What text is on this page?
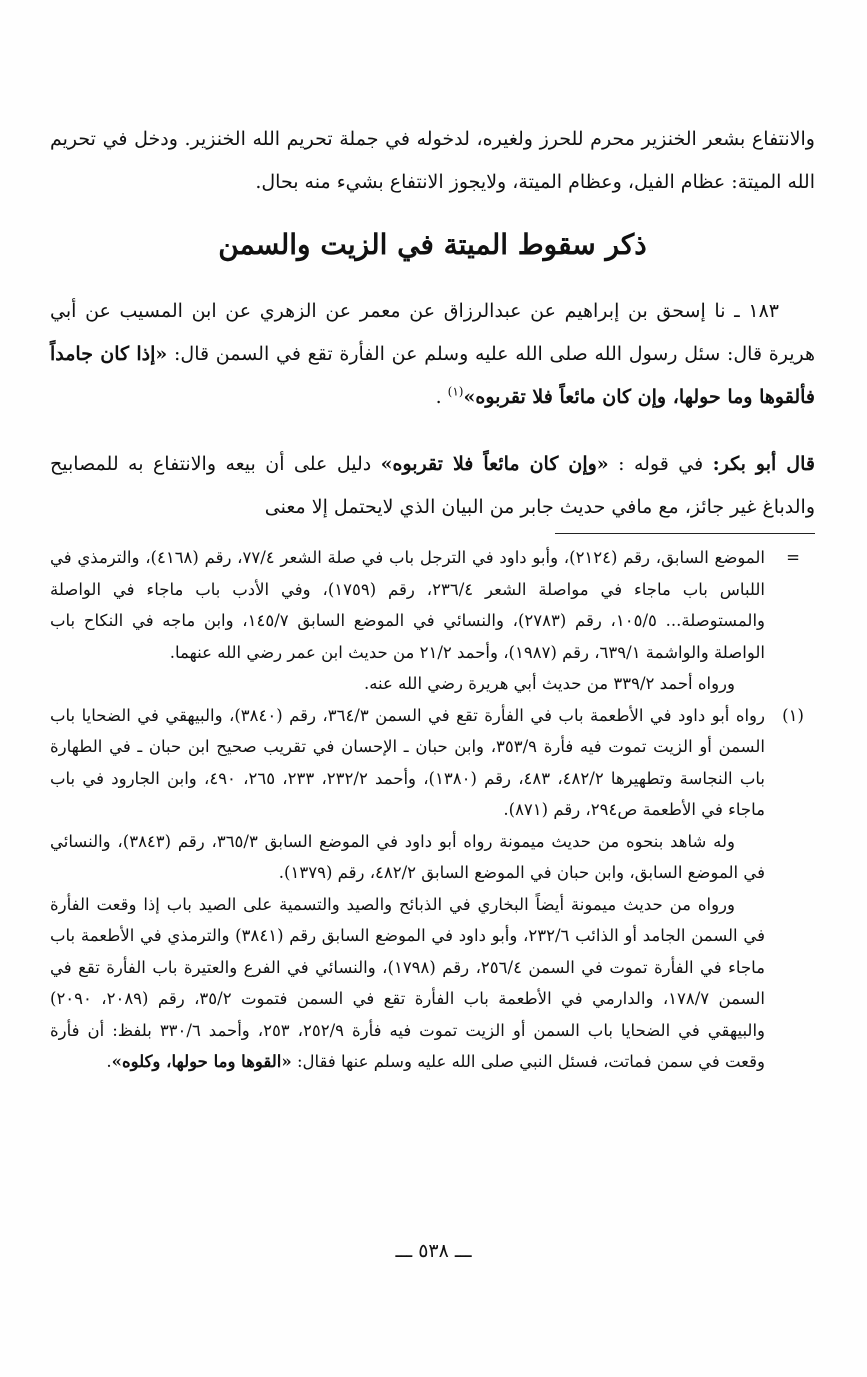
والانتفاع بشعر الخنزير محرم للحرز ولغيره، لدخوله في جملة تحريم الله الخنزير. ودخل في تحريم الله الميتة: عظام الفيل، وعظام الميتة، ولايجوز الانتفاع بشيء منه بحال.

ذكر سقوط الميتة في الزيت والسمن

١٨٣ ـ نا إسحق بن إبراهيم عن عبدالرزاق عن معمر عن الزهري عن ابن المسيب عن أبي هريرة قال: سئل رسول الله صلى الله عليه وسلم عن الفأرة تقع في السمن قال: «إذا كان جامداً فألقوها وما حولها، وإن كان مائعاً فلا تقربوه»$^{(١)}$ .

قال أبو بكر: في قوله : «وإن كان مائعاً فلا تقربوه» دليل على أن بيعه والانتفاع به للمصابيح والدباغ غير جائز، مع مافي حديث جابر من البيان الذي لايحتمل إلا معنى

=

الموضع السابق، رقم (٢١٢٤)، وأبو داود في الترجل باب في صلة الشعر ٧٧/٤، رقم (٤١٦٨)، والترمذي في اللباس باب ماجاء في مواصلة الشعر ٢٣٦/٤، رقم (١٧٥٩)، وفي الأدب باب ماجاء في الواصلة والمستوصلة... ١٠٥/٥، رقم (٢٧٨٣)، والنسائي في الموضع السابق ١٤٥/٧، وابن ماجه في النكاح باب الواصلة والواشمة ٦٣٩/١، رقم (١٩٨٧)، وأحمد ٢١/٢ من حديث ابن عمر رضي الله عنهما.

ورواه أحمد ٣٣٩/٢ من حديث أبي هريرة رضي الله عنه.

(١)

رواه أبو داود في الأطعمة باب في الفأرة تقع في السمن ٣٦٤/٣، رقم (٣٨٤٠)، والبيهقي في الضحايا باب السمن أو الزيت تموت فيه فأرة ٣٥٣/٩، وابن حبان ـ الإحسان في تقريب صحيح ابن حبان ـ في الطهارة باب النجاسة وتطهيرها ٤٨٢/٢، ٤٨٣، رقم (١٣٨٠)، وأحمد ٢٣٢/٢، ٢٣٣، ٢٦٥، ٤٩٠، وابن الجارود في باب ماجاء في الأطعمة ص٢٩٤، رقم (٨٧١).

وله شاهد بنحوه من حديث ميمونة رواه أبو داود في الموضع السابق ٣٦٥/٣، رقم (٣٨٤٣)، والنسائي في الموضع السابق، وابن حبان في الموضع السابق ٤٨٢/٢، رقم (١٣٧٩).

ورواه من حديث ميمونة أيضاً البخاري في الذبائح والصيد والتسمية على الصيد باب إذا وقعت الفأرة في السمن الجامد أو الذائب ٢٣٢/٦، وأبو داود في الموضع السابق رقم (٣٨٤١) والترمذي في الأطعمة باب ماجاء في الفأرة تموت في السمن ٢٥٦/٤، رقم (١٧٩٨)، والنسائي في الفرع والعتيرة باب الفأرة تقع في السمن ١٧٨/٧، والدارمي في الأطعمة باب الفأرة تقع في السمن فتموت ٣٥/٢، رقم (٢٠٨٩، ٢٠٩٠) والبيهقي في الضحايا باب السمن أو الزيت تموت فيه فأرة ٢٥٢/٩، ٢٥٣، وأحمد ٣٣٠/٦ بلفظ: أن فأرة وقعت في سمن فماتت، فسئل النبي صلى الله عليه وسلم عنها فقال: «القوها وما حولها، وكلوه».

ـــ ٥٣٨ ـــ
